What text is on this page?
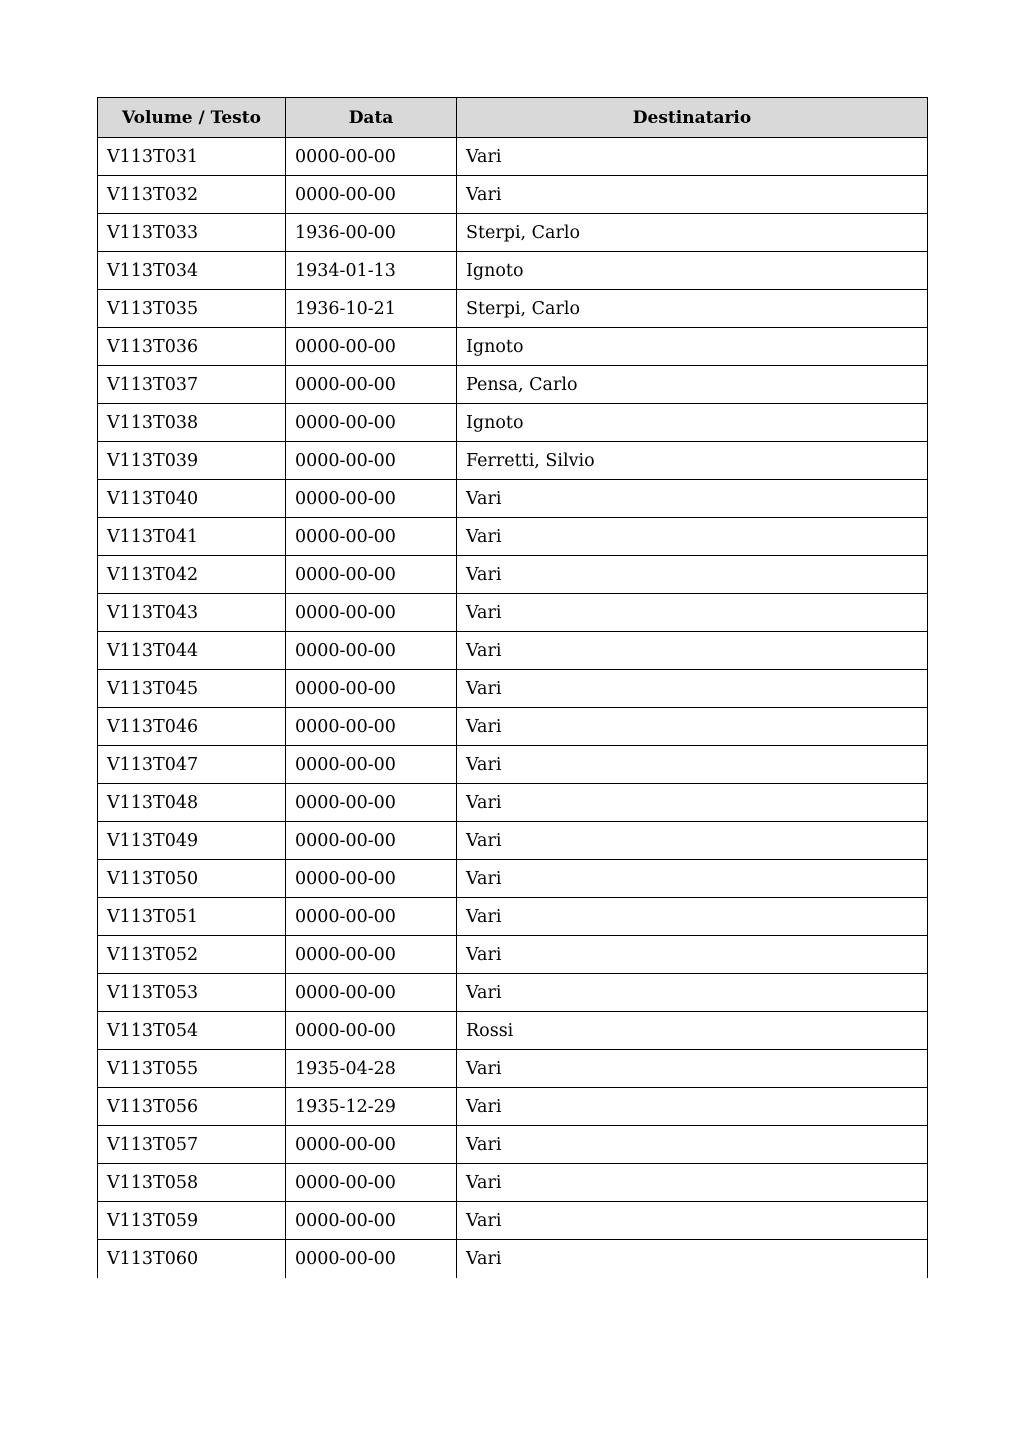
Volume / Testo	Data	Destinatario
V113T031	0000-00-00	Vari
V113T032	0000-00-00	Vari
V113T033	1936-00-00	Sterpi, Carlo
V113T034	1934-01-13	Ignoto
V113T035	1936-10-21	Sterpi, Carlo
V113T036	0000-00-00	Ignoto
V113T037	0000-00-00	Pensa, Carlo
V113T038	0000-00-00	Ignoto
V113T039	0000-00-00	Ferretti, Silvio
V113T040	0000-00-00	Vari
V113T041	0000-00-00	Vari
V113T042	0000-00-00	Vari
V113T043	0000-00-00	Vari
V113T044	0000-00-00	Vari
V113T045	0000-00-00	Vari
V113T046	0000-00-00	Vari
V113T047	0000-00-00	Vari
V113T048	0000-00-00	Vari
V113T049	0000-00-00	Vari
V113T050	0000-00-00	Vari
V113T051	0000-00-00	Vari
V113T052	0000-00-00	Vari
V113T053	0000-00-00	Vari
V113T054	0000-00-00	Rossi
V113T055	1935-04-28	Vari
V113T056	1935-12-29	Vari
V113T057	0000-00-00	Vari
V113T058	0000-00-00	Vari
V113T059	0000-00-00	Vari
V113T060	0000-00-00	Vari
